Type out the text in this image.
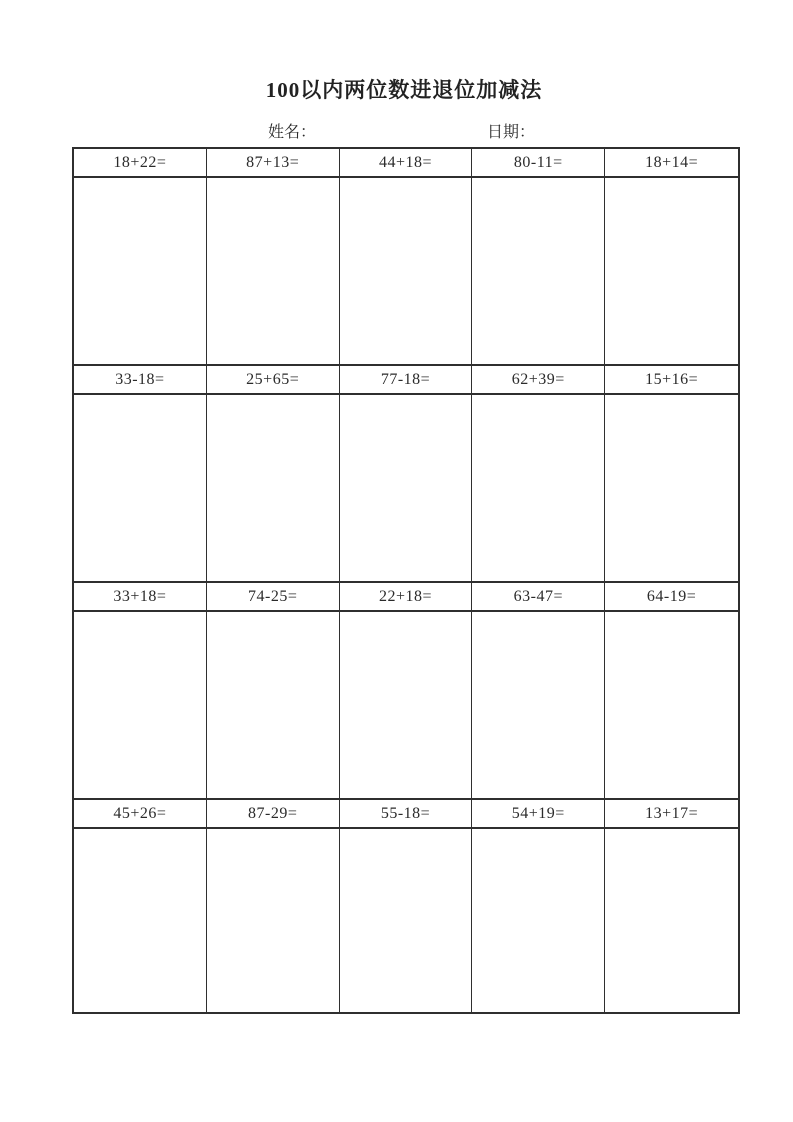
100以内两位数进退位加减法
姓名：	日期：
18+22=	87+13=	44+18=	80-11=	18+14=
33-18=	25+65=	77-18=	62+39=	15+16=
33+18=	74-25=	22+18=	63-47=	64-19=
45+26=	87-29=	55-18=	54+19=	13+17=
